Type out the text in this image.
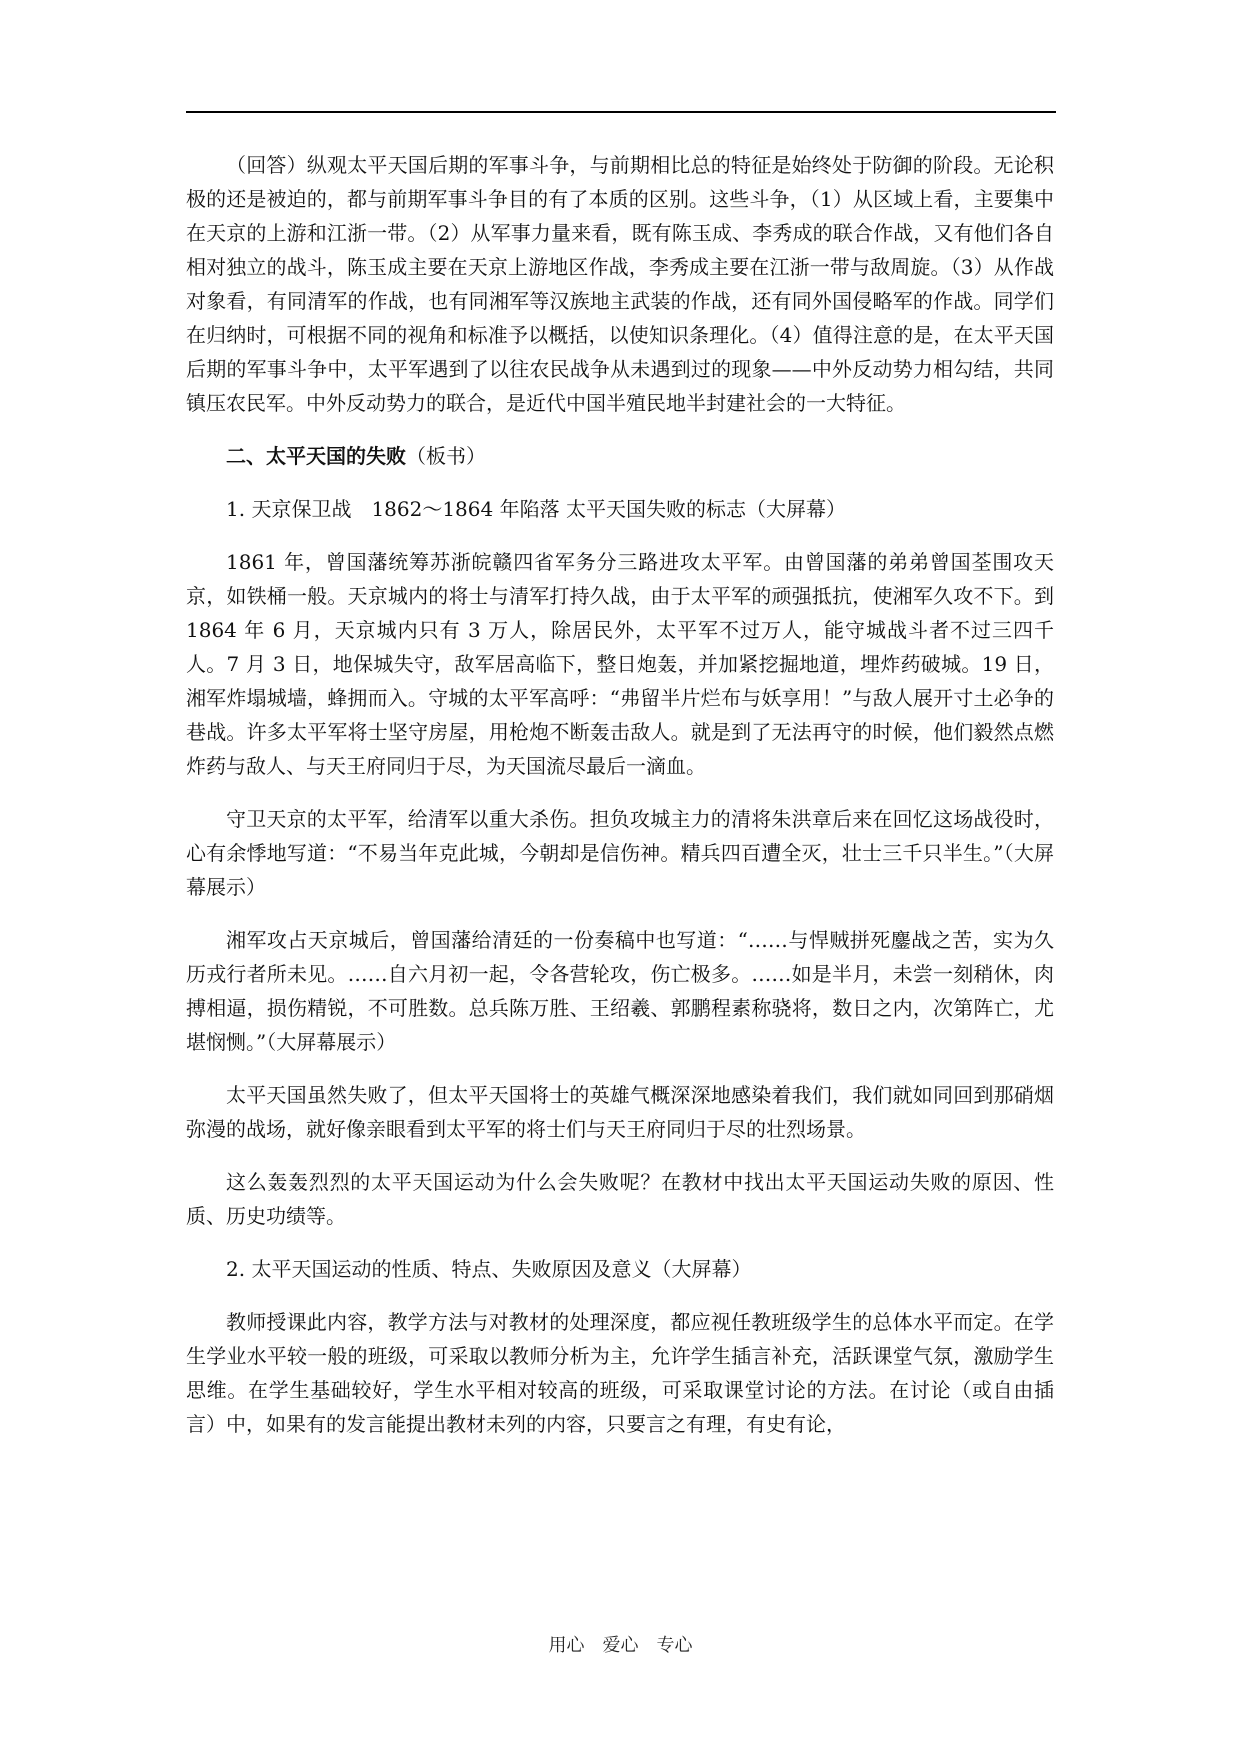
（回答）纵观太平天国后期的军事斗争，与前期相比总的特征是始终处于防御的阶段。无论积极的还是被迫的，都与前期军事斗争目的有了本质的区别。这些斗争，（1）从区域上看，主要集中在天京的上游和江浙一带。（2）从军事力量来看，既有陈玉成、李秀成的联合作战，又有他们各自相对独立的战斗，陈玉成主要在天京上游地区作战，李秀成主要在江浙一带与敌周旋。（3）从作战对象看，有同清军的作战，也有同湘军等汉族地主武装的作战，还有同外国侵略军的作战。同学们在归纳时，可根据不同的视角和标准予以概括，以使知识条理化。（4）值得注意的是，在太平天国后期的军事斗争中，太平军遇到了以往农民战争从未遇到过的现象——中外反动势力相勾结，共同镇压农民军。中外反动势力的联合，是近代中国半殖民地半封建社会的一大特征。

二、太平天国的失败（板书）

1. 天京保卫战　1862～1864 年陷落 太平天国失败的标志（大屏幕）

1861 年，曾国藩统筹苏浙皖赣四省军务分三路进攻太平军。由曾国藩的弟弟曾国荃围攻天京，如铁桶一般。天京城内的将士与清军打持久战，由于太平军的顽强抵抗，使湘军久攻不下。到 1864 年 6 月，天京城内只有 3 万人，除居民外，太平军不过万人，能守城战斗者不过三四千人。7 月 3 日，地保城失守，敌军居高临下，整日炮轰，并加紧挖掘地道，埋炸药破城。19 日，湘军炸塌城墙，蜂拥而入。守城的太平军高呼：“弗留半片烂布与妖享用！”与敌人展开寸土必争的巷战。许多太平军将士坚守房屋，用枪炮不断轰击敌人。就是到了无法再守的时候，他们毅然点燃炸药与敌人、与天王府同归于尽，为天国流尽最后一滴血。

守卫天京的太平军，给清军以重大杀伤。担负攻城主力的清将朱洪章后来在回忆这场战役时，心有余悸地写道：“不易当年克此城，今朝却是信伤神。精兵四百遭全灭，壮士三千只半生。”（大屏幕展示）

湘军攻占天京城后，曾国藩给清廷的一份奏稿中也写道：“……与悍贼拼死鏖战之苦，实为久历戎行者所未见。……自六月初一起，令各营轮攻，伤亡极多。……如是半月，未尝一刻稍休，肉搏相逼，损伤精锐，不可胜数。总兵陈万胜、王绍羲、郭鹏程素称骁将，数日之内，次第阵亡，尤堪悯恻。”（大屏幕展示）

太平天国虽然失败了，但太平天国将士的英雄气概深深地感染着我们，我们就如同回到那硝烟弥漫的战场，就好像亲眼看到太平军的将士们与天王府同归于尽的壮烈场景。

这么轰轰烈烈的太平天国运动为什么会失败呢？在教材中找出太平天国运动失败的原因、性质、历史功绩等。

2. 太平天国运动的性质、特点、失败原因及意义（大屏幕）

教师授课此内容，教学方法与对教材的处理深度，都应视任教班级学生的总体水平而定。在学生学业水平较一般的班级，可采取以教师分析为主，允许学生插言补充，活跃课堂气氛，激励学生思维。在学生基础较好，学生水平相对较高的班级，可采取课堂讨论的方法。在讨论（或自由插言）中，如果有的发言能提出教材未列的内容，只要言之有理，有史有论，

用心　爱心　专心
